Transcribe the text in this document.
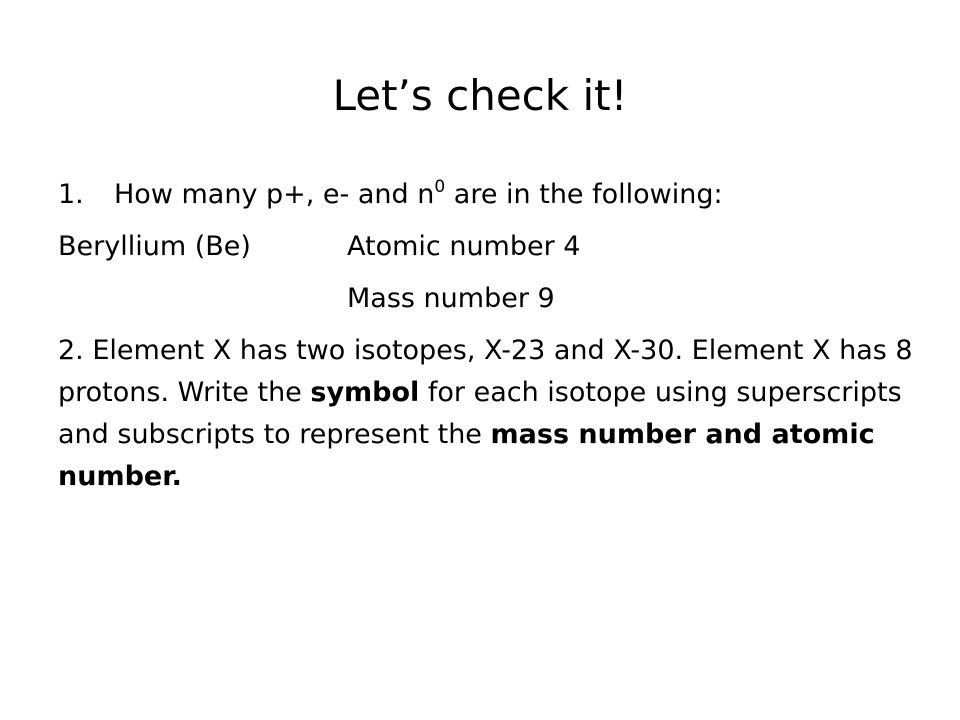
Let’s check it!
1. How many p+, e- and $n^0$ are in the following:
Beryllium (Be)	Atomic number 4
Mass number 9
2. Element X has two isotopes, X-23 and X-30. Element X has 8 protons. Write the symbol for each isotope using superscripts and subscripts to represent the mass number and atomic number.
